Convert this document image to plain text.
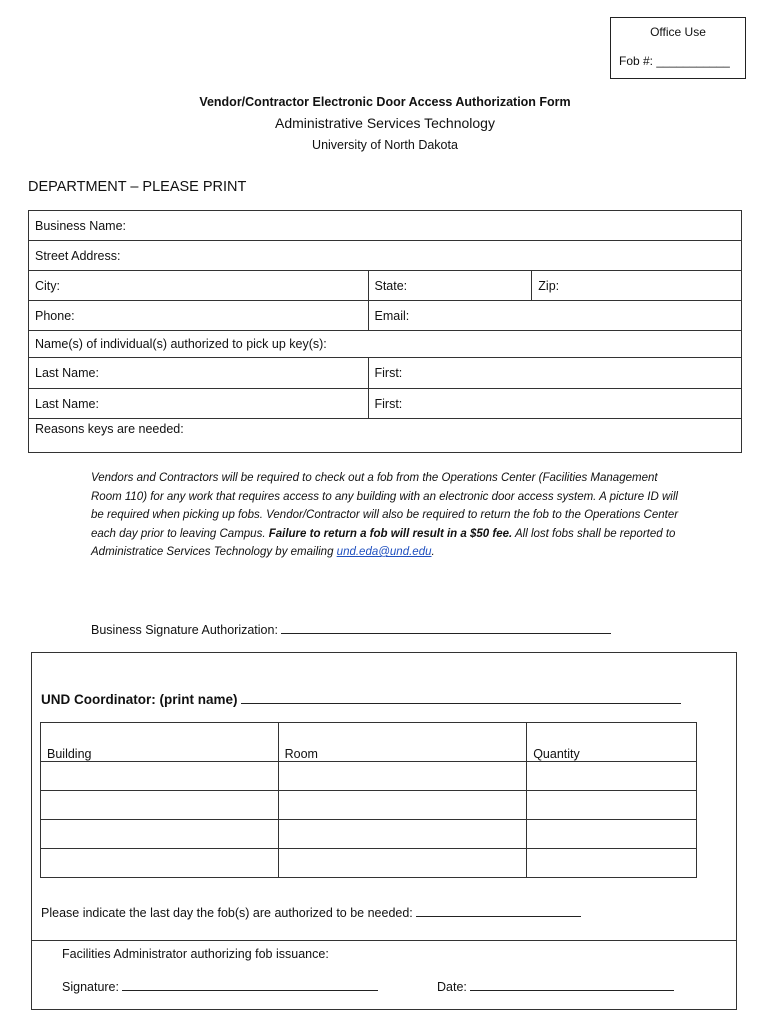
Office Use
Fob #: ___________
Vendor/Contractor Electronic Door Access Authorization Form
Administrative Services Technology
University of North Dakota
DEPARTMENT – PLEASE PRINT
Business Name:		
Street Address:		
City:	State:	Zip:
Phone:	Email:	
Name(s) of individual(s) authorized to pick up key(s):		
Last Name:	First:	
Last Name:	First:	
Reasons keys are needed:		
Vendors and Contractors will be required to check out a fob from the Operations Center (Facilities Management Room 110) for any work that requires access to any building with an electronic door access system. A picture ID will be required when picking up fobs. Vendor/Contractor will also be required to return the fob to the Operations Center each day prior to leaving Campus. Failure to return a fob will result in a $50 fee. All lost fobs shall be reported to Administratice Services Technology by emailing und.eda@und.edu.
Business Signature Authorization:
UND Coordinator: (print name)
Building	Room	Quantity

Please indicate the last day the fob(s) are authorized to be needed:
Facilities Administrator authorizing fob issuance:
Signature:	Date:
